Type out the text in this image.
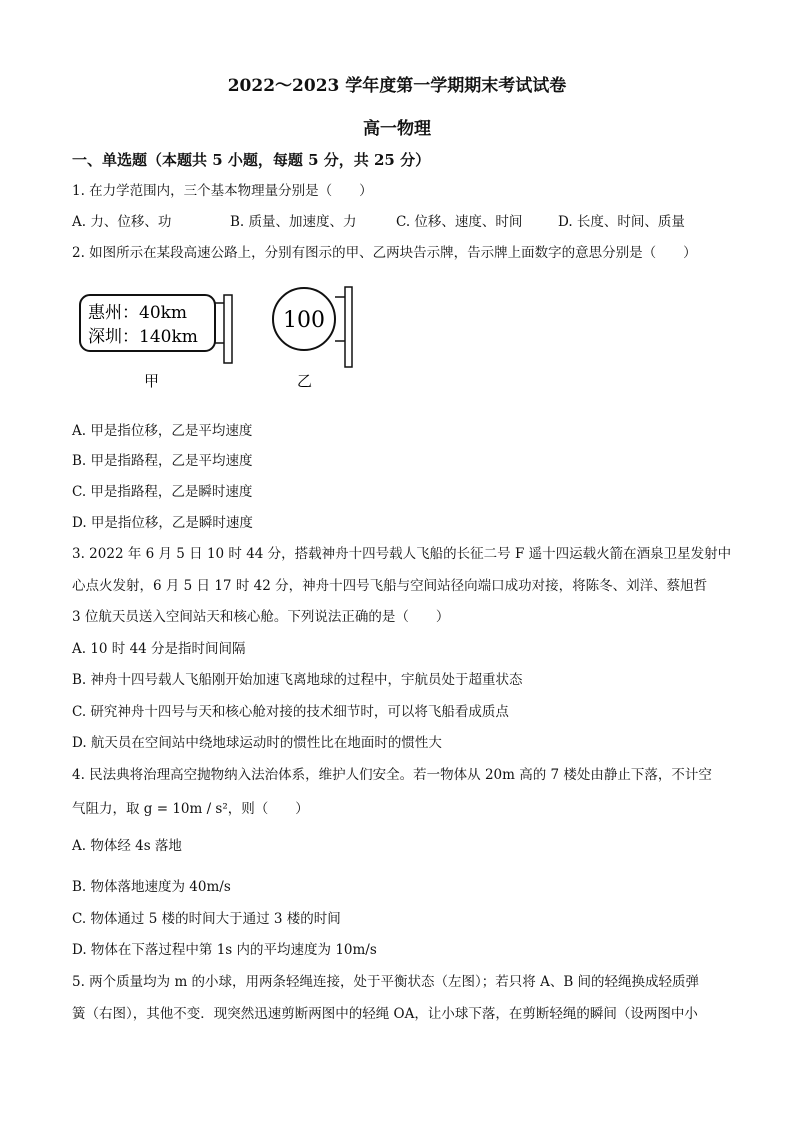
2022～2023 学年度第一学期期末考试试卷
高一物理
一、单选题（本题共 5 小题，每题 5 分，共 25 分）
1. 在力学范围内，三个基本物理量分别是（　　）
A. 力、位移、功	B. 质量、加速度、力	C. 位移、速度、时间	D. 长度、时间、质量
2. 如图所示在某段高速公路上，分别有图示的甲、乙两块告示牌，告示牌上面数字的意思分别是（　　）
惠州：40km
深圳：140km
甲
100
乙
A. 甲是指位移，乙是平均速度
B. 甲是指路程，乙是平均速度
C. 甲是指路程，乙是瞬时速度
D. 甲是指位移，乙是瞬时速度
3. 2022 年 6 月 5 日 10 时 44 分，搭载神舟十四号载人飞船的长征二号 F 遥十四运载火箭在酒泉卫星发射中
心点火发射，6 月 5 日 17 时 42 分，神舟十四号飞船与空间站径向端口成功对接，将陈冬、刘洋、蔡旭哲
3 位航天员送入空间站天和核心舱。下列说法正确的是（　　）
A. 10 时 44 分是指时间间隔
B. 神舟十四号载人飞船刚开始加速飞离地球的过程中，宇航员处于超重状态
C. 研究神舟十四号与天和核心舱对接的技术细节时，可以将飞船看成质点
D. 航天员在空间站中绕地球运动时的惯性比在地面时的惯性大
4. 民法典将治理高空抛物纳入法治体系，维护人们安全。若一物体从 20m 高的 7 楼处由静止下落，不计空
气阻力，取 g = 10m / s²，则（　　）
A. 物体经 4s 落地
B. 物体落地速度为 40m/s
C. 物体通过 5 楼的时间大于通过 3 楼的时间
D. 物体在下落过程中第 1s 内的平均速度为 10m/s
5. 两个质量均为 m 的小球，用两条轻绳连接，处于平衡状态（左图）；若只将 A、B 间的轻绳换成轻质弹
簧（右图），其他不变．现突然迅速剪断两图中的轻绳 OA，让小球下落，在剪断轻绳的瞬间（设两图中小
